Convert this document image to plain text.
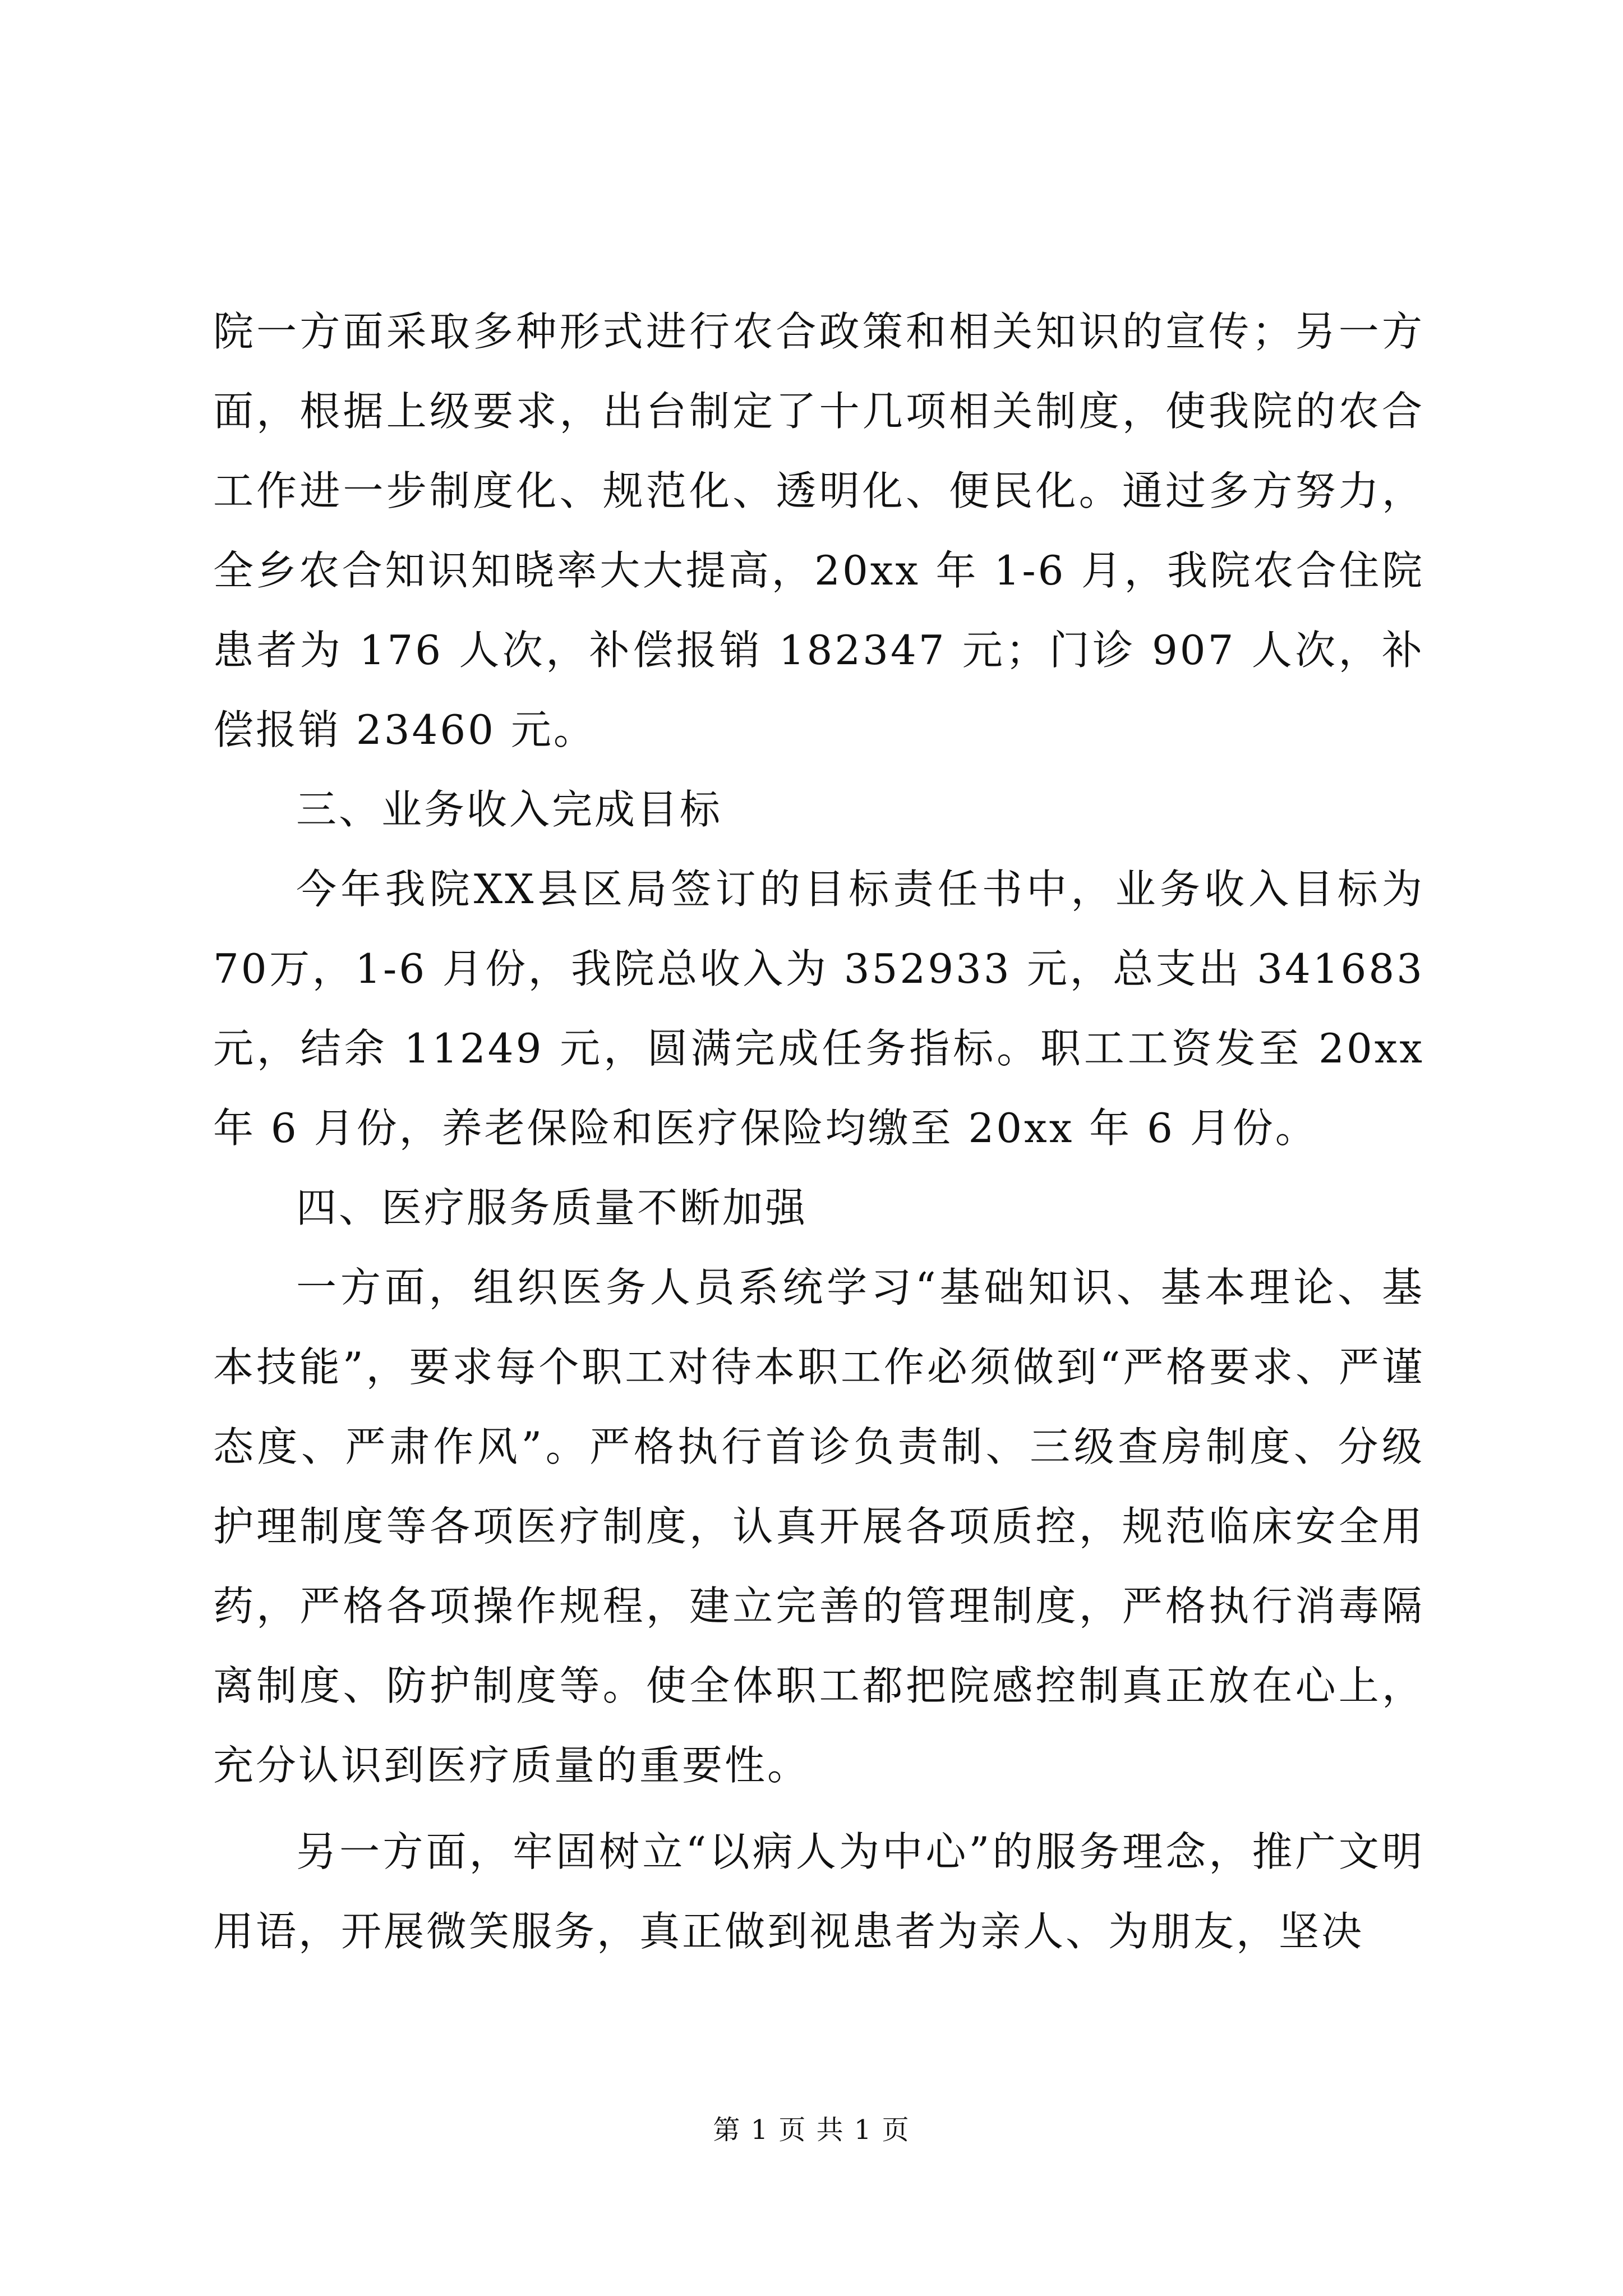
院一方面采取多种形式进行农合政策和相关知识的宣传；另一方面，根据上级要求，出台制定了十几项相关制度，使我院的农合工作进一步制度化、规范化、透明化、便民化。通过多方努力，全乡农合知识知晓率大大提高，20xx 年 1-6 月，我院农合住院患者为 176 人次，补偿报销 182347 元；门诊 907 人次，补偿报销 23460 元。

三、业务收入完成目标

今年我院XX县区局签订的目标责任书中，业务收入目标为70万，1-6 月份，我院总收入为 352933 元，总支出 341683 元，结余 11249 元，圆满完成任务指标。职工工资发至 20xx 年 6 月份，养老保险和医疗保险均缴至 20xx 年 6 月份。

四、医疗服务质量不断加强

一方面，组织医务人员系统学习“基础知识、基本理论、基本技能”，要求每个职工对待本职工作必须做到“严格要求、严谨态度、严肃作风”。严格执行首诊负责制、三级查房制度、分级护理制度等各项医疗制度，认真开展各项质控，规范临床安全用药，严格各项操作规程，建立完善的管理制度，严格执行消毒隔离制度、防护制度等。使全体职工都把院感控制真正放在心上，充分认识到医疗质量的重要性。

另一方面，牢固树立“以病人为中心”的服务理念，推广文明用语，开展微笑服务，真正做到视患者为亲人、为朋友，坚决

第 1 页 共 1 页
